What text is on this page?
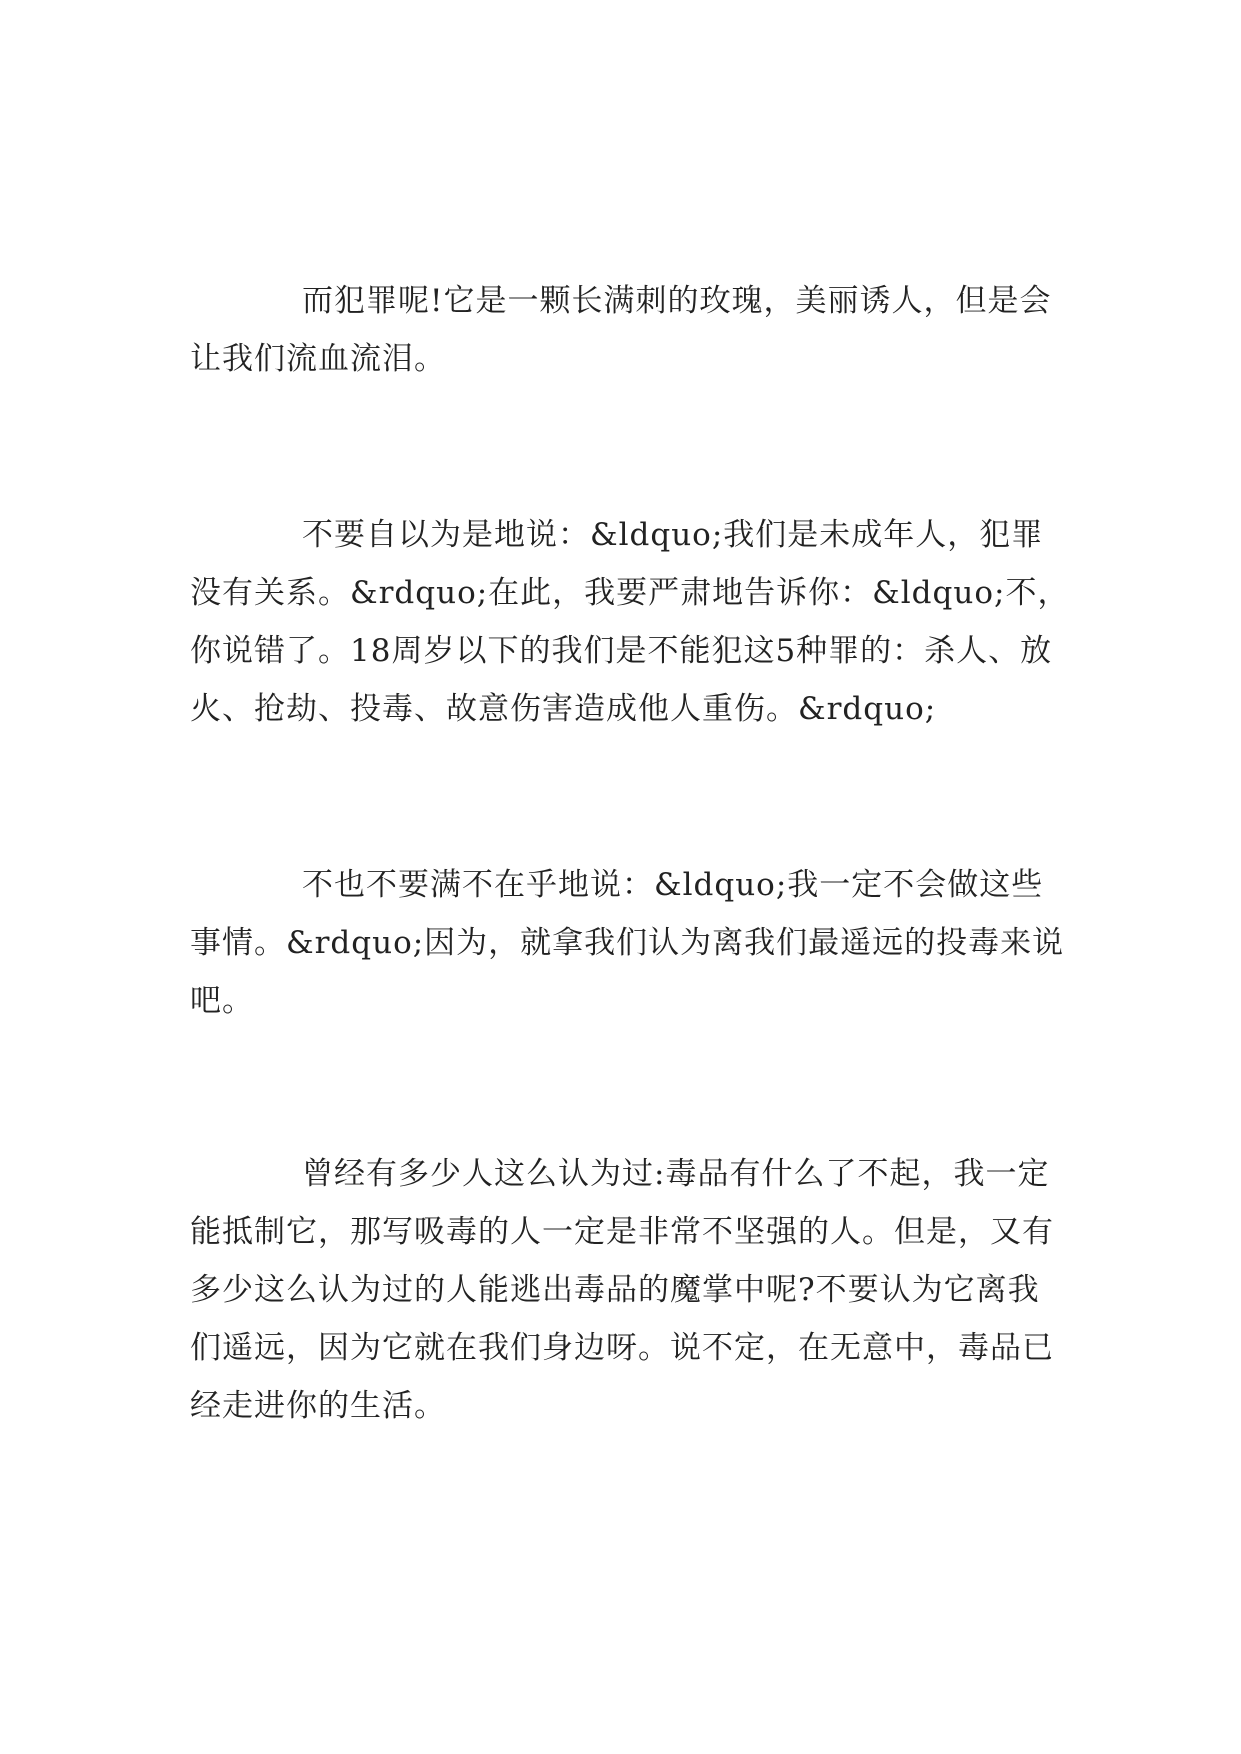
而犯罪呢!它是一颗长满刺的玫瑰，美丽诱人，但是会让我们流血流泪。

不要自以为是地说：&ldquo;我们是未成年人，犯罪没有关系。&rdquo;在此，我要严肃地告诉你：&ldquo;不，你说错了。18周岁以下的我们是不能犯这5种罪的：杀人、放火、抢劫、投毒、故意伤害造成他人重伤。&rdquo;

不也不要满不在乎地说：&ldquo;我一定不会做这些事情。&rdquo;因为，就拿我们认为离我们最遥远的投毒来说吧。

曾经有多少人这么认为过:毒品有什么了不起，我一定能抵制它，那写吸毒的人一定是非常不坚强的人。但是，又有多少这么认为过的人能逃出毒品的魔掌中呢?不要认为它离我们遥远，因为它就在我们身边呀。说不定，在无意中，毒品已经走进你的生活。
